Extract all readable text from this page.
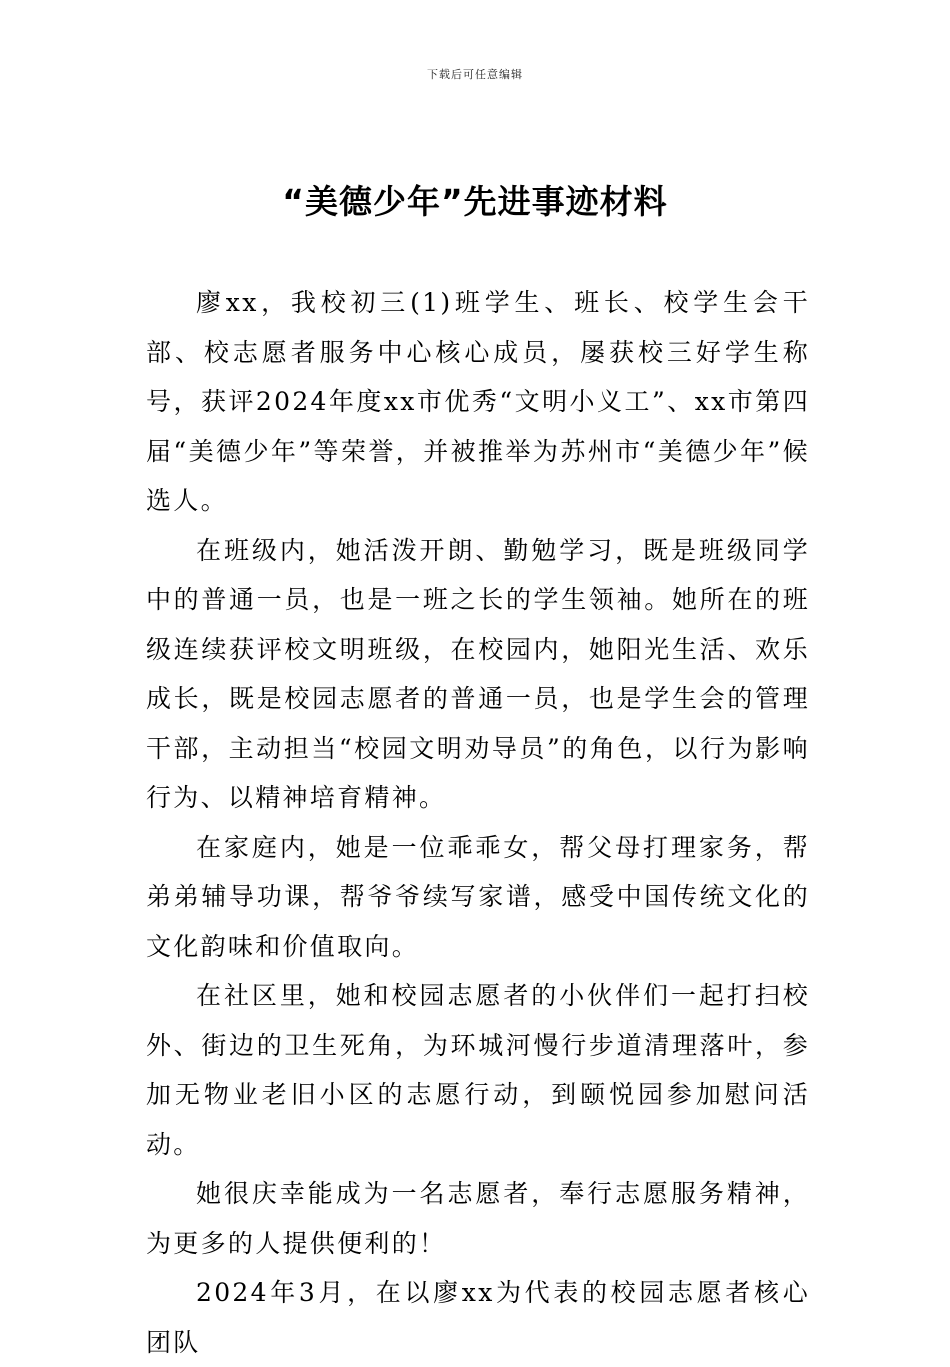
下载后可任意编辑
“美德少年”先进事迹材料

廖xx，我校初三(1)班学生、班长、校学生会干部、校志愿者服务中心核心成员，屡获校三好学生称号，获评2024年度xx市优秀“文明小义工”、xx市第四届“美德少年”等荣誉，并被推举为苏州市“美德少年”候选人。

在班级内，她活泼开朗、勤勉学习，既是班级同学中的普通一员，也是一班之长的学生领袖。她所在的班级连续获评校文明班级，在校园内，她阳光生活、欢乐成长，既是校园志愿者的普通一员，也是学生会的管理干部，主动担当“校园文明劝导员”的角色，以行为影响行为、以精神培育精神。

在家庭内，她是一位乖乖女，帮父母打理家务，帮弟弟辅导功课，帮爷爷续写家谱，感受中国传统文化的文化韵味和价值取向。

在社区里，她和校园志愿者的小伙伴们一起打扫校外、街边的卫生死角，为环城河慢行步道清理落叶，参加无物业老旧小区的志愿行动，到颐悦园参加慰问活动。

她很庆幸能成为一名志愿者，奉行志愿服务精神，为更多的人提供便利的！

2024年3月，在以廖xx为代表的校园志愿者核心团队
